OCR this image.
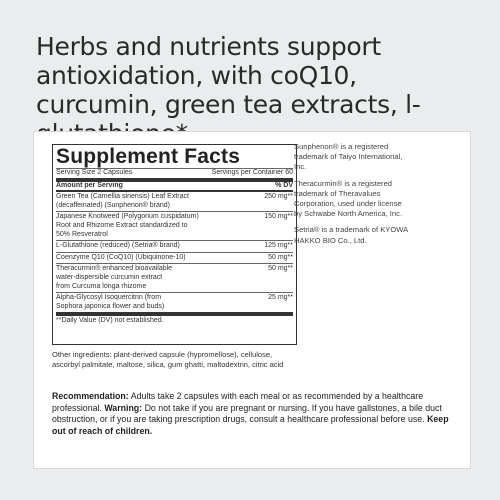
Herbs and nutrients support antioxidation, with coQ10, curcumin, green tea extracts, l-
Supplement Facts
Serving Size 2 Capsules	Servings per Container 60
Amount per Serving	% DV
Green Tea (Camellia sinensis) Leaf Extract
(decaffeinated) (Sunphenon® brand)
250 mg**
Japanese Knotweed (Polygonum cuspidatum)
Root and Rhizome Extract standardized to
50% Resveratrol
150 mg**
L-Glutathione (reduced) (Setria® brand)	125 mg**
Coenzyme Q10 (CoQ10) (Ubiquinone-10)	50 mg**
Theracurmin® enhanced bioavailable
water-dispersible curcumin extract
from Curcuma longa rhizome
50 mg**
Alpha-Glycosyl Isoquercitrin (from
Sophora japonica flower and buds)
25 mg**
**Daily Value (DV) not established.

Sunphenon® is a registered trademark of Taiyo International, Inc.

Theracurmin® is a registered trademark of Theravalues Corporation, used under license by Schwabe North America, Inc.

Setria® is a trademark of KYOWA HAKKO BIO Co., Ltd.

Other ingredients: plant-derived capsule (hypromellose), cellulose, ascorbyl palmitate, maltose, silica, gum ghatti, maltodextrin, citric acid

Recommendation: Adults take 2 capsules with each meal or as recommended by a healthcare professional. Warning: Do not take if you are pregnant or nursing. If you have gallstones, a bile duct obstruction, or if you are taking prescription drugs, consult a healthcare professional before use. Keep out of reach of children.
